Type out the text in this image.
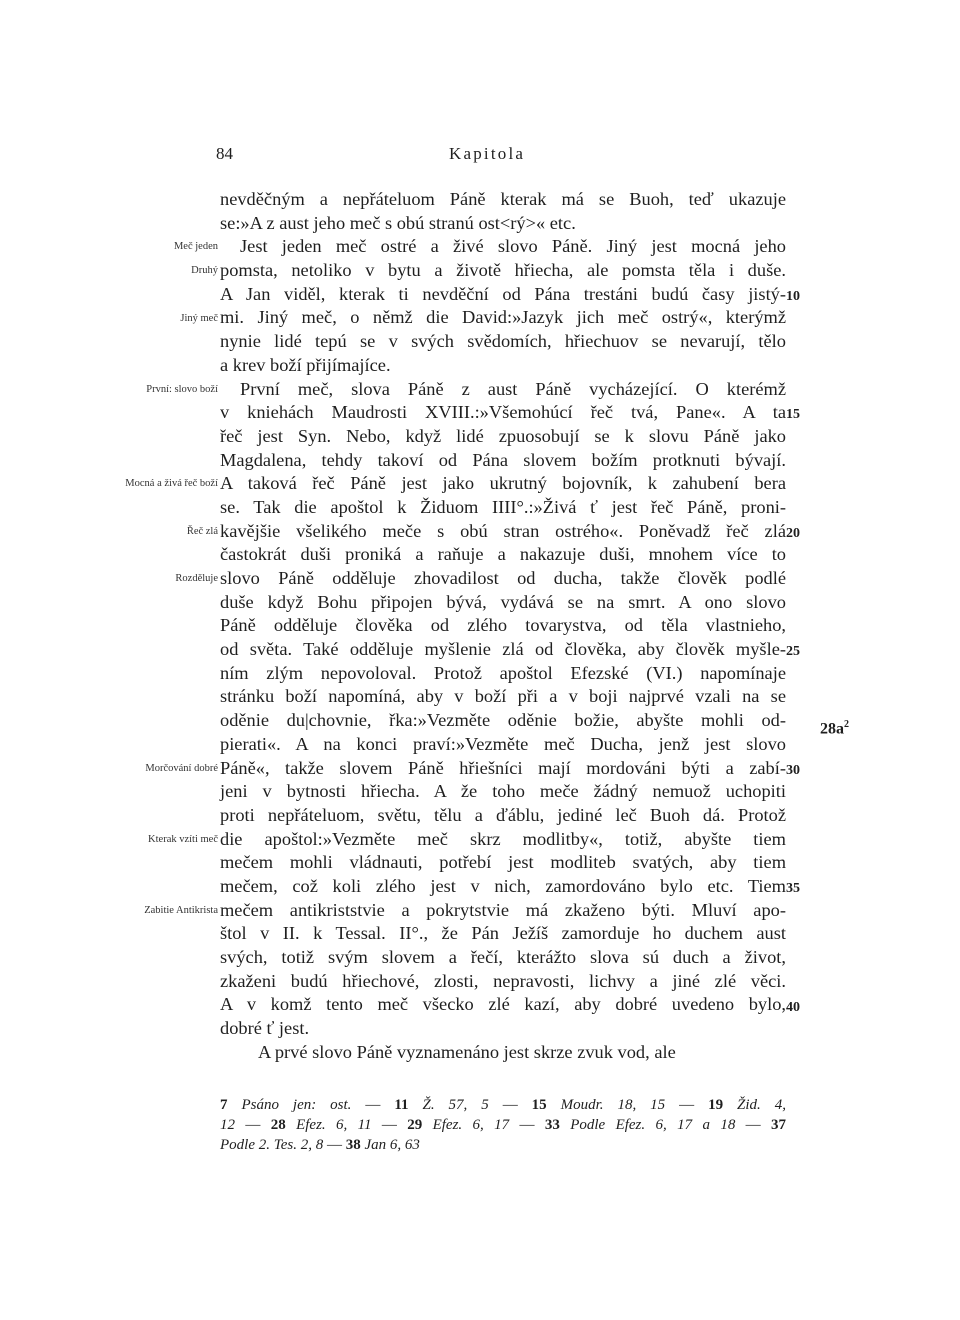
84	Kapitola
Meč jeden
Druhý
Jiný meč
První: slovo boží
Mocná a živá řeč boží
Řeč zlá
Rozděluje
Morčování dobré
Kterak vzíti meč
Zabitie Antikrista
nevděčným a nepřáteluom Páně kterak má se Buoh, teď ukazuje
se:»A z aust jeho meč s obú stranú ost<rý>« etc.
Jest jeden meč ostré a živé slovo Páně. Jiný jest mocná jeho
pomsta, netoliko v bytu a životě hřiecha, ale pomsta těla i duše.
A Jan viděl, kterak ti nevděční od Pána trestáni budú časy jistý-
mi. Jiný meč, o němž die David:»Jazyk jich meč ostrý«, kterýmž
nynie lidé tepú se v svých svědomích, hřiechuov se nevarují, tělo
a krev boží přijímajíce.
První meč, slova Páně z aust Páně vycházející. O kterémž
v kniehách Maudrosti XVIII.:»Všemohúcí řeč tvá, Pane«. A ta
řeč jest Syn. Nebo, když lidé zpuosobují se k slovu Páně jako
Magdalena, tehdy takoví od Pána slovem božím protknuti bývají.
A taková řeč Páně jest jako ukrutný bojovník, k zahubení bera
se. Tak die apoštol k Židuom IIII°.:»Živá ť jest řeč Páně, proni-
kavějšie všelikého meče s obú stran ostrého«. Poněvadž řeč zlá
častokrát duši proniká a raňuje a nakazuje duši, mnohem více to
slovo Páně odděluje zhovadilost od ducha, takže člověk podlé
duše když Bohu připojen bývá, vydává se na smrt. A ono slovo
Páně odděluje člověka od zlého tovarystva, od těla vlastnieho,
od světa. Také odděluje myšlenie zlá od člověka, aby člověk myšle-
ním zlým nepovoloval. Protož apoštol Efezské (VI.) napomínaje
stránku boží napomíná, aby v boží při a v boji najprvé vzali na se
oděnie du|chovnie, řka:»Vezměte oděnie božie, abyšte mohli od-
pierati«. A na konci praví:»Vezměte meč Ducha, jenž jest slovo
Páně«, takže slovem Páně hřiešníci mají mordováni býti a zabí-
jeni v bytnosti hřiecha. A že toho meče žádný nemuož uchopiti
proti nepřáteluom, světu, tělu a ďáblu, jediné leč Buoh dá. Protož
die apoštol:»Vezměte meč skrz modlitby«, totiž, abyšte tiem
mečem mohli vládnauti, potřebí jest modliteb svatých, aby tiem
mečem, což koli zlého jest v nich, zamordováno bylo etc. Tiem
mečem antikriststvie a pokrytstvie má zkaženo býti. Mluví apo-
štol v II. k Tessal. II°., že Pán Ježíš zamorduje ho duchem aust
svých, totiž svým slovem a řečí, kterážto slova sú duch a život,
zkaženi budú hřiechové, zlosti, nepravosti, lichvy a jiné zlé věci.
A v komž tento meč všecko zlé kazí, aby dobré uvedeno bylo,
dobré ť jest.
A prvé slovo Páně vyznamenáno jest skrze zvuk vod, ale
10
15
20
25
30
35
40
$28a^2$
7 Psáno jen: ost. — 11 Ž. 57, 5 — 15 Moudr. 18, 15 — 19 Žid. 4,
12 — 28 Efez. 6, 11 — 29 Efez. 6, 17 — 33 Podle Efez. 6, 17 a 18 — 37
Podle 2. Tes. 2, 8 — 38 Jan 6, 63
